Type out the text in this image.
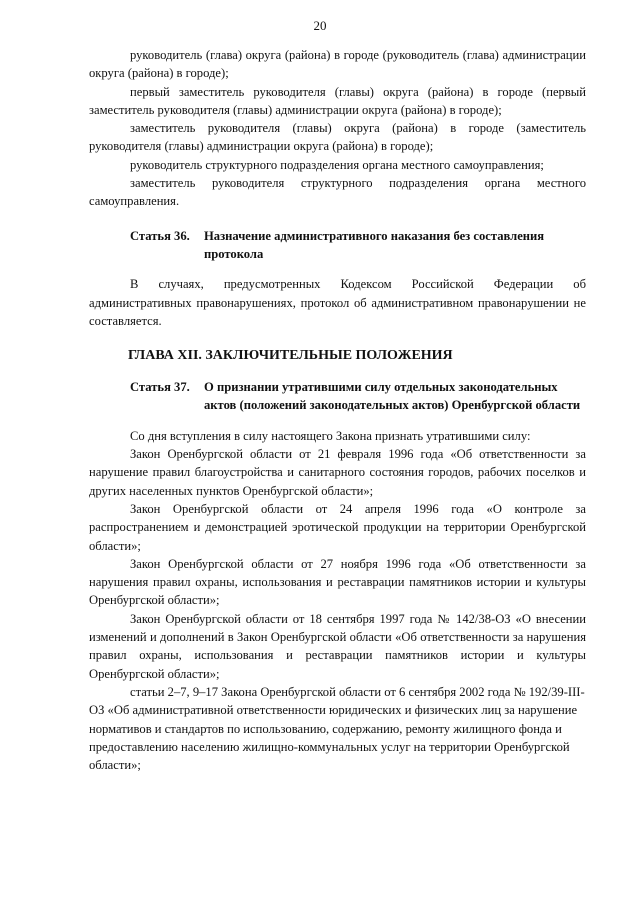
20

руководитель (глава) округа (района) в городе (руководитель (глава) администрации округа (района) в городе);

первый заместитель руководителя (главы) округа (района) в городе (первый заместитель руководителя (главы) администрации округа (района) в городе);

заместитель руководителя (главы) округа (района) в городе (заместитель руководителя (главы) администрации округа (района) в городе);

руководитель структурного подразделения органа местного самоуправления;

заместитель руководителя структурного подразделения органа местного самоуправления.

Статья 36.	Назначение административного наказания без составления протокола

В случаях, предусмотренных Кодексом Российской Федерации об административных правонарушениях, протокол об административном правонарушении не составляется.

ГЛАВА XII. ЗАКЛЮЧИТЕЛЬНЫЕ ПОЛОЖЕНИЯ
Статья 37.	О признании утратившими силу отдельных законодательных актов (положений законодательных актов) Оренбургской области

Со дня вступления в силу настоящего Закона признать утратившими силу:

Закон Оренбургской области от 21 февраля 1996 года «Об ответственности за нарушение правил благоустройства и санитарного состояния городов, рабочих поселков и других населенных пунктов Оренбургской области»;

Закон Оренбургской области от 24 апреля 1996 года «О контроле за распространением и демонстрацией эротической продукции на территории Оренбургской области»;

Закон Оренбургской области от 27 ноября 1996 года «Об ответственности за нарушения правил охраны, использования и реставрации памятников истории и культуры Оренбургской области»;

Закон Оренбургской области от 18 сентября 1997 года № 142/38-ОЗ «О внесении изменений и дополнений в Закон Оренбургской области «Об ответственности за нарушения правил охраны, использования и реставрации памятников истории и культуры Оренбургской области»;

статьи 2–7, 9–17 Закона Оренбургской области от 6 сентября 2002 года № 192/39-III-ОЗ «Об административной ответственности юридических и физических лиц за нарушение нормативов и стандартов по использованию, содержанию, ремонту жилищного фонда и предоставлению населению жилищно-коммунальных услуг на территории Оренбургской области»;
